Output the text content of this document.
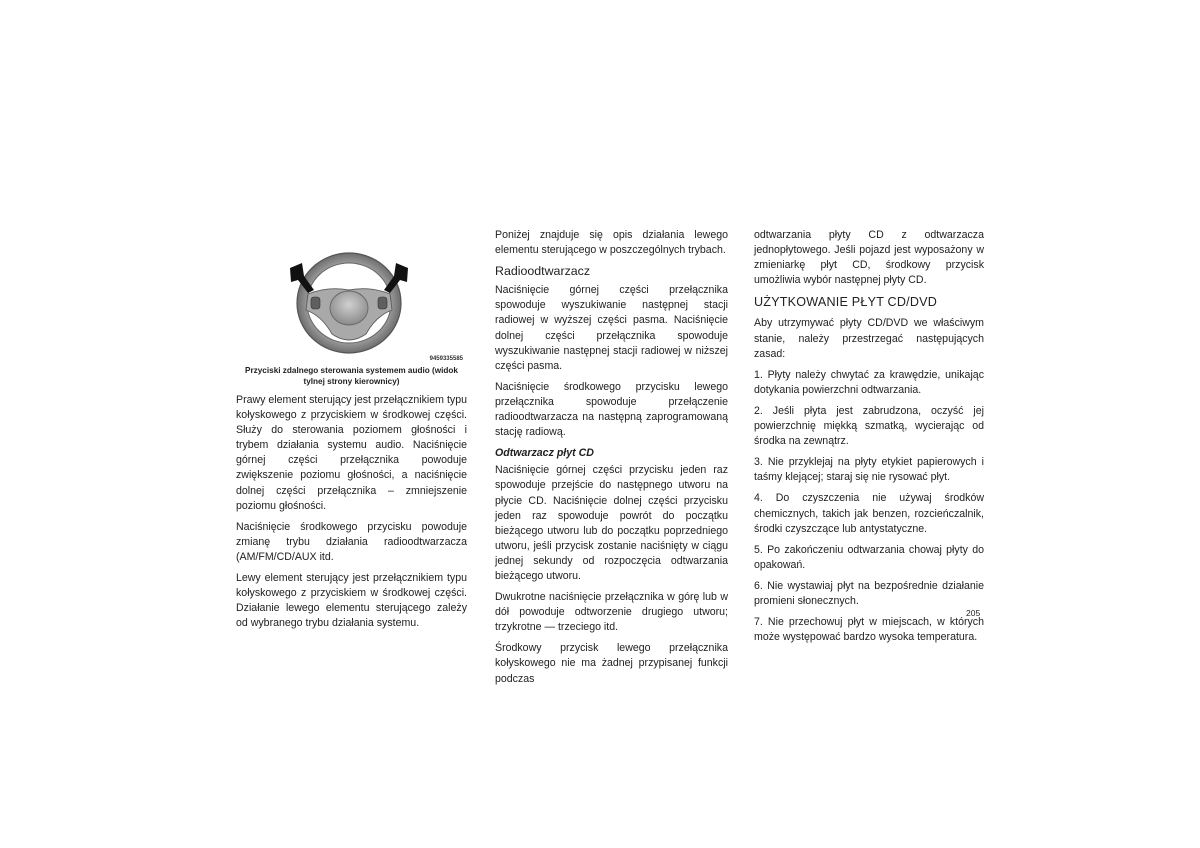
9459335585
Przyciski zdalnego sterowania systemem audio (widok tylnej strony kierownicy)

Prawy element sterujący jest przełącznikiem typu kołyskowego z przyciskiem w środkowej części. Służy do sterowania poziomem głośności i trybem działania systemu audio. Naciśnięcie górnej części przełącznika powoduje zwiększenie poziomu głośności, a naciśnięcie dolnej części przełącznika – zmniejszenie poziomu głośności.

Naciśnięcie środkowego przycisku powoduje zmianę trybu działania radioodtwarzacza (AM/FM/CD/AUX itd.

Lewy element sterujący jest przełącznikiem typu kołyskowego z przyciskiem w środkowej części. Działanie lewego elementu sterującego zależy od wybranego trybu działania systemu.

Poniżej znajduje się opis działania lewego elementu sterującego w poszczególnych trybach.

Radioodtwarzacz

Naciśnięcie górnej części przełącznika spowoduje wyszukiwanie następnej stacji radiowej w wyższej części pasma. Naciśnięcie dolnej części przełącznika spowoduje wyszukiwanie następnej stacji radiowej w niższej części pasma.

Naciśnięcie środkowego przycisku lewego przełącznika spowoduje przełączenie radioodtwarzacza na następną zaprogramowaną stację radiową.

Odtwarzacz płyt CD

Naciśnięcie górnej części przycisku jeden raz spowoduje przejście do następnego utworu na płycie CD. Naciśnięcie dolnej części przycisku jeden raz spowoduje powrót do początku bieżącego utworu lub do początku poprzedniego utworu, jeśli przycisk zostanie naciśnięty w ciągu jednej sekundy od rozpoczęcia odtwarzania bieżącego utworu.

Dwukrotne naciśnięcie przełącznika w górę lub w dół powoduje odtworzenie drugiego utworu; trzykrotne — trzeciego itd.

Środkowy przycisk lewego przełącznika kołyskowego nie ma żadnej przypisanej funkcji podczas

odtwarzania płyty CD z odtwarzacza jednopłytowego. Jeśli pojazd jest wyposażony w zmieniarkę płyt CD, środkowy przycisk umożliwia wybór następnej płyty CD.

UŻYTKOWANIE PŁYT CD/DVD

Aby utrzymywać płyty CD/DVD we właściwym stanie, należy przestrzegać następujących zasad:

1. Płyty należy chwytać za krawędzie, unikając dotykania powierzchni odtwarzania.

2. Jeśli płyta jest zabrudzona, oczyść jej powierzchnię miękką szmatką, wycierając od środka na zewnątrz.

3. Nie przyklejaj na płyty etykiet papierowych i taśmy klejącej; staraj się nie rysować płyt.

4. Do czyszczenia nie używaj środków chemicznych, takich jak benzen, rozcieńczalnik, środki czyszczące lub antystatyczne.

5. Po zakończeniu odtwarzania chowaj płyty do opakowań.

6. Nie wystawiaj płyt na bezpośrednie działanie promieni słonecznych.

7. Nie przechowuj płyt w miejscach, w których może występować bardzo wysoka temperatura.

205
